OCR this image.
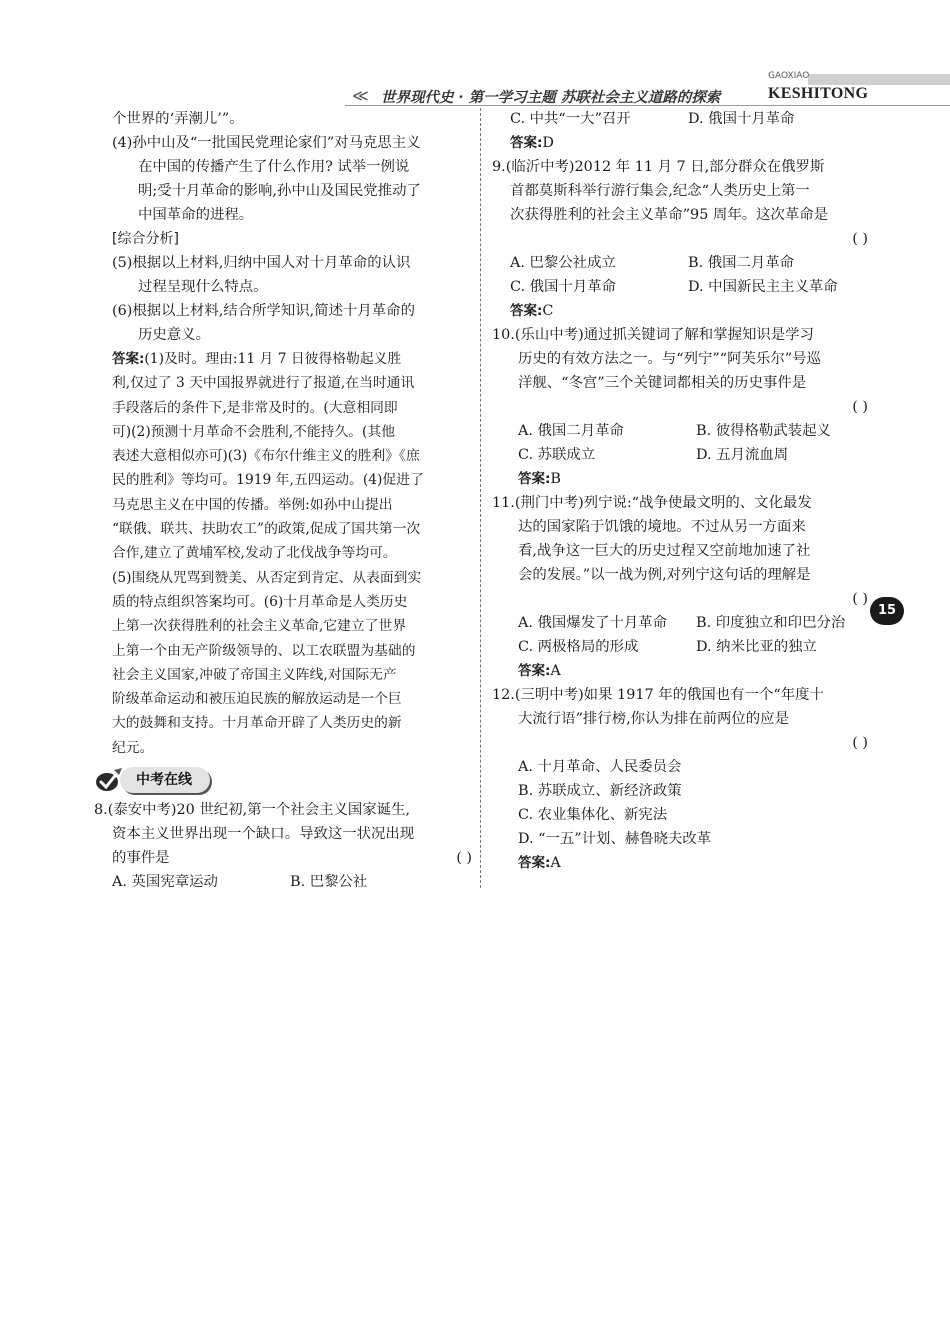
≪ 世界现代史 · 第一学习主题 苏联社会主义道路的探索
GAOXIAO
KESHITONG
个世界的‘弄潮儿’”。
(4)孙中山及“一批国民党理论家们”对马克思主义
在中国的传播产生了什么作用? 试举一例说
明;受十月革命的影响,孙中山及国民党推动了
中国革命的进程。
[综合分析]
(5)根据以上材料,归纳中国人对十月革命的认识
过程呈现什么特点。
(6)根据以上材料,结合所学知识,简述十月革命的
历史意义。
答案:(1)及时。理由:11 月 7 日彼得格勒起义胜
利,仅过了 3 天中国报界就进行了报道,在当时通讯
手段落后的条件下,是非常及时的。(大意相同即
可)(2)预测十月革命不会胜利,不能持久。(其他
表述大意相似亦可)(3)《布尔什维主义的胜利》《庶
民的胜利》等均可。1919 年,五四运动。(4)促进了
马克思主义在中国的传播。举例:如孙中山提出
“联俄、联共、扶助农工”的政策,促成了国共第一次
合作,建立了黄埔军校,发动了北伐战争等均可。
(5)围绕从咒骂到赞美、从否定到肯定、从表面到实
质的特点组织答案均可。(6)十月革命是人类历史
上第一次获得胜利的社会主义革命,它建立了世界
上第一个由无产阶级领导的、以工农联盟为基础的
社会主义国家,冲破了帝国主义阵线,对国际无产
阶级革命运动和被压迫民族的解放运动是一个巨
大的鼓舞和支持。十月革命开辟了人类历史的新
纪元。
中考在线
8.(泰安中考)20 世纪初,第一个社会主义国家诞生,
资本主义世界出现一个缺口。导致这一状况出现
的事件是	( )
A. 英国宪章运动	B. 巴黎公社
C. 中共“一大”召开	D. 俄国十月革命
答案:D
9.(临沂中考)2012 年 11 月 7 日,部分群众在俄罗斯
首都莫斯科举行游行集会,纪念“人类历史上第一
次获得胜利的社会主义革命”95 周年。这次革命是
( )
A. 巴黎公社成立	B. 俄国二月革命
C. 俄国十月革命	D. 中国新民主主义革命
答案:C
10.(乐山中考)通过抓关键词了解和掌握知识是学习
历史的有效方法之一。与“列宁”“阿芙乐尔”号巡
洋舰、“冬宫”三个关键词都相关的历史事件是
( )
A. 俄国二月革命	B. 彼得格勒武装起义
C. 苏联成立	D. 五月流血周
答案:B
11.(荆门中考)列宁说:“战争使最文明的、文化最发
达的国家陷于饥饿的境地。不过从另一方面来
看,战争这一巨大的历史过程又空前地加速了社
会的发展。”以一战为例,对列宁这句话的理解是
( )
A. 俄国爆发了十月革命	B. 印度独立和印巴分治
C. 两极格局的形成	D. 纳米比亚的独立
答案:A
12.(三明中考)如果 1917 年的俄国也有一个“年度十
大流行语”排行榜,你认为排在前两位的应是
( )
A. 十月革命、人民委员会
B. 苏联成立、新经济政策
C. 农业集体化、新宪法
D. “一五”计划、赫鲁晓夫改革
答案:A
15
